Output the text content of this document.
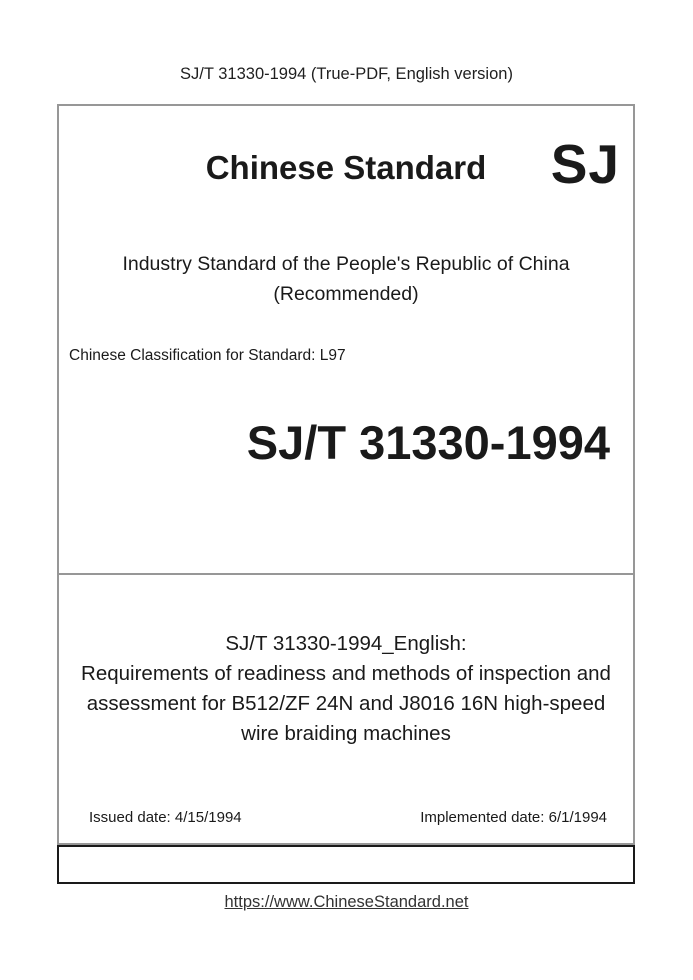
SJ/T 31330-1994 (True-PDF, English version)
Chinese Standard	SJ
Industry Standard of the People's Republic of China
(Recommended)
Chinese Classification for Standard: L97
SJ/T 31330-1994
SJ/T 31330-1994_English:
Requirements of readiness and methods of inspection and
assessment for B512/ZF 24N and J8016 16N high-speed
wire braiding machines
Issued date: 4/15/1994	Implemented date: 6/1/1994
https://www.ChineseStandard.net
